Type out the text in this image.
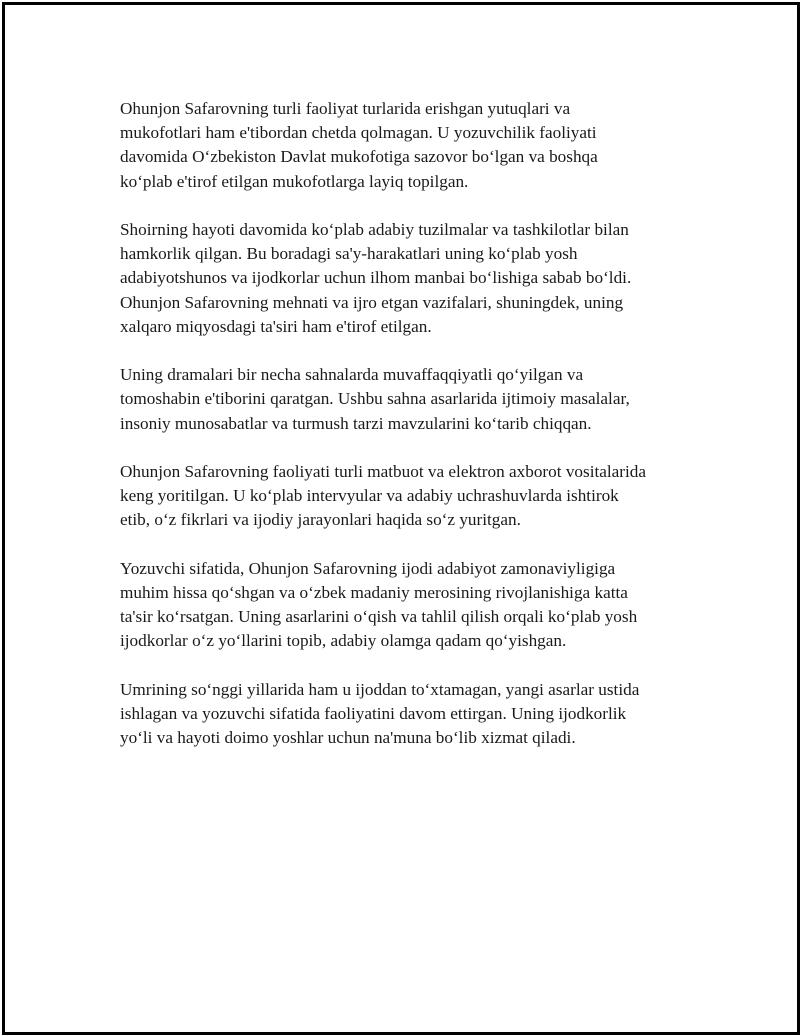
Ohunjon Safarovning turli faoliyat turlarida erishgan yutuqlari va
mukofotlari ham e'tibordan chetda qolmagan. U yozuvchilik faoliyati
davomida O‘zbekiston Davlat mukofotiga sazovor bo‘lgan va boshqa
ko‘plab e'tirof etilgan mukofotlarga layiq topilgan.

Shoirning hayoti davomida ko‘plab adabiy tuzilmalar va tashkilotlar bilan
hamkorlik qilgan. Bu boradagi sa'y-harakatlari uning ko‘plab yosh
adabiyotshunos va ijodkorlar uchun ilhom manbai bo‘lishiga sabab bo‘ldi.
Ohunjon Safarovning mehnati va ijro etgan vazifalari, shuningdek, uning
xalqaro miqyosdagi ta'siri ham e'tirof etilgan.

Uning dramalari bir necha sahnalarda muvaffaqqiyatli qo‘yilgan va
tomoshabin e'tiborini qaratgan. Ushbu sahna asarlarida ijtimoiy masalalar,
insoniy munosabatlar va turmush tarzi mavzularini ko‘tarib chiqqan.

Ohunjon Safarovning faoliyati turli matbuot va elektron axborot vositalarida
keng yoritilgan. U ko‘plab intervyular va adabiy uchrashuvlarda ishtirok
etib, o‘z fikrlari va ijodiy jarayonlari haqida so‘z yuritgan.

Yozuvchi sifatida, Ohunjon Safarovning ijodi adabiyot zamonaviyligiga
muhim hissa qo‘shgan va o‘zbek madaniy merosining rivojlanishiga katta
ta'sir ko‘rsatgan. Uning asarlarini o‘qish va tahlil qilish orqali ko‘plab yosh
ijodkorlar o‘z yo‘llarini topib, adabiy olamga qadam qo‘yishgan.

Umrining so‘nggi yillarida ham u ijoddan to‘xtamagan, yangi asarlar ustida
ishlagan va yozuvchi sifatida faoliyatini davom ettirgan. Uning ijodkorlik
yo‘li va hayoti doimo yoshlar uchun na'muna bo‘lib xizmat qiladi.
